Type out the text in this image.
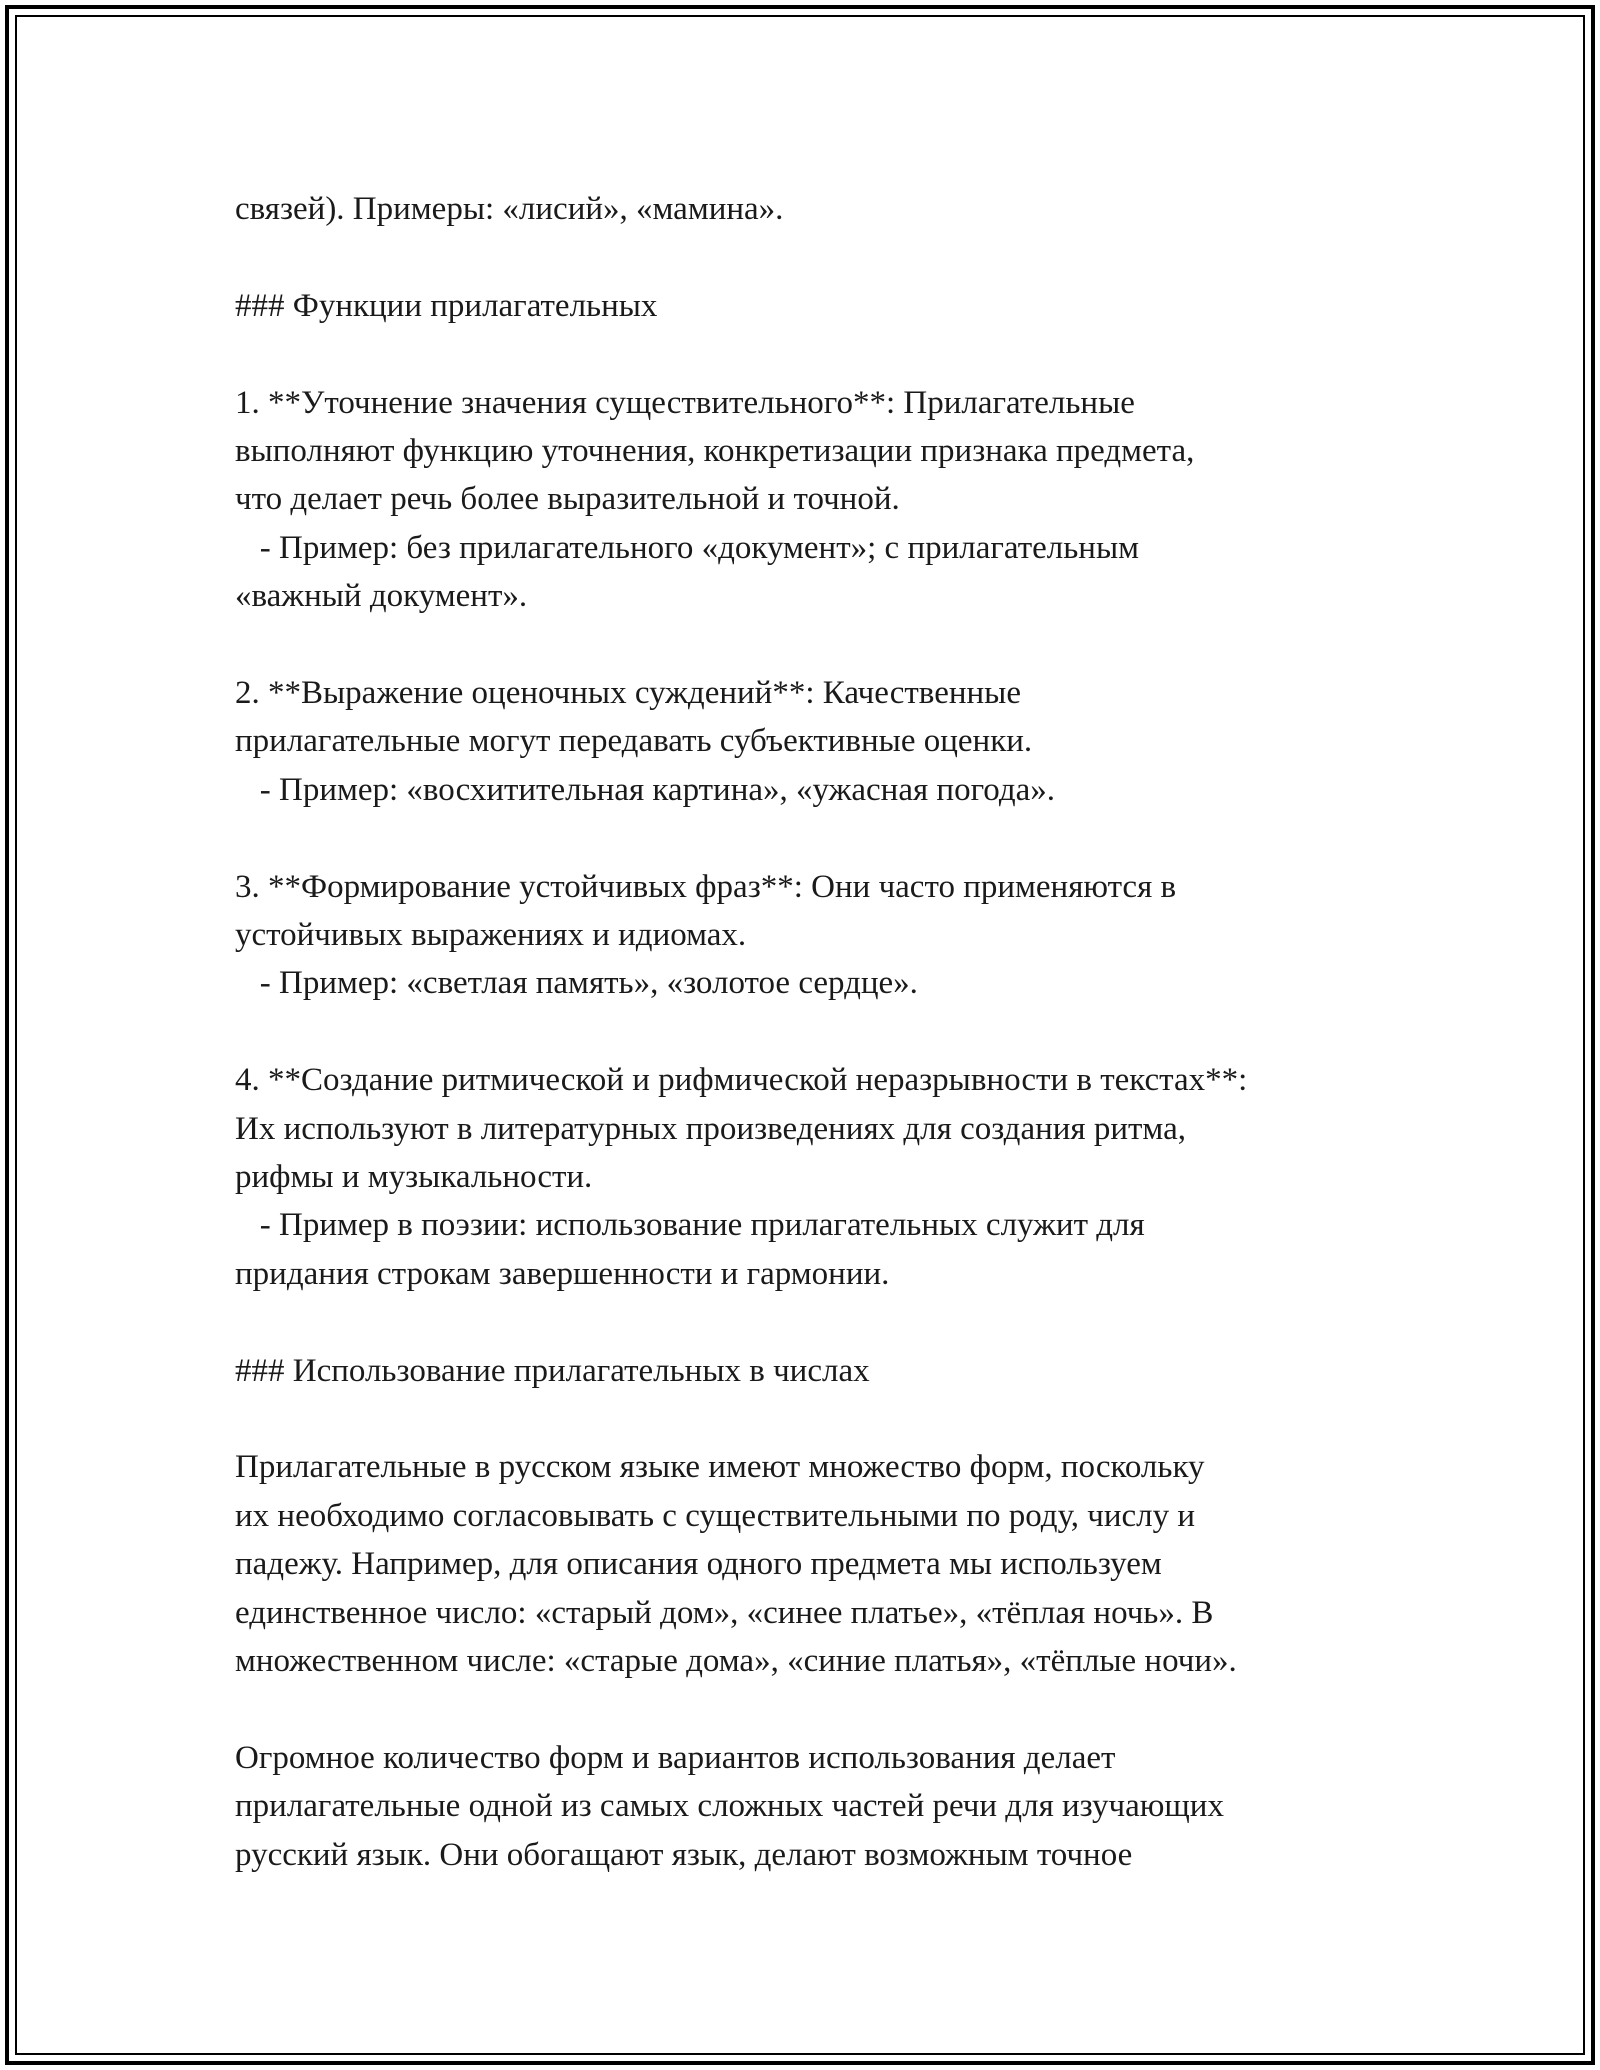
связей). Примеры: «лисий», «мамина».
### Функции прилагательных
1. **Уточнение значения существительного**: Прилагательные
выполняют функцию уточнения, конкретизации признака предмета,
что делает речь более выразительной и точной.
- Пример: без прилагательного «документ»; с прилагательным
«важный документ».
2. **Выражение оценочных суждений**: Качественные
прилагательные могут передавать субъективные оценки.
- Пример: «восхитительная картина», «ужасная погода».
3. **Формирование устойчивых фраз**: Они часто применяются в
устойчивых выражениях и идиомах.
- Пример: «светлая память», «золотое сердце».
4. **Создание ритмической и рифмической неразрывности в текстах**:
Их используют в литературных произведениях для создания ритма,
рифмы и музыкальности.
- Пример в поэзии: использование прилагательных служит для
придания строкам завершенности и гармонии.
### Использование прилагательных в числах
Прилагательные в русском языке имеют множество форм, поскольку
их необходимо согласовывать с существительными по роду, числу и
падежу. Например, для описания одного предмета мы используем
единственное число: «старый дом», «синее платье», «тёплая ночь». В
множественном числе: «старые дома», «синие платья», «тёплые ночи».
Огромное количество форм и вариантов использования делает
прилагательные одной из самых сложных частей речи для изучающих
русский язык. Они обогащают язык, делают возможным точное
